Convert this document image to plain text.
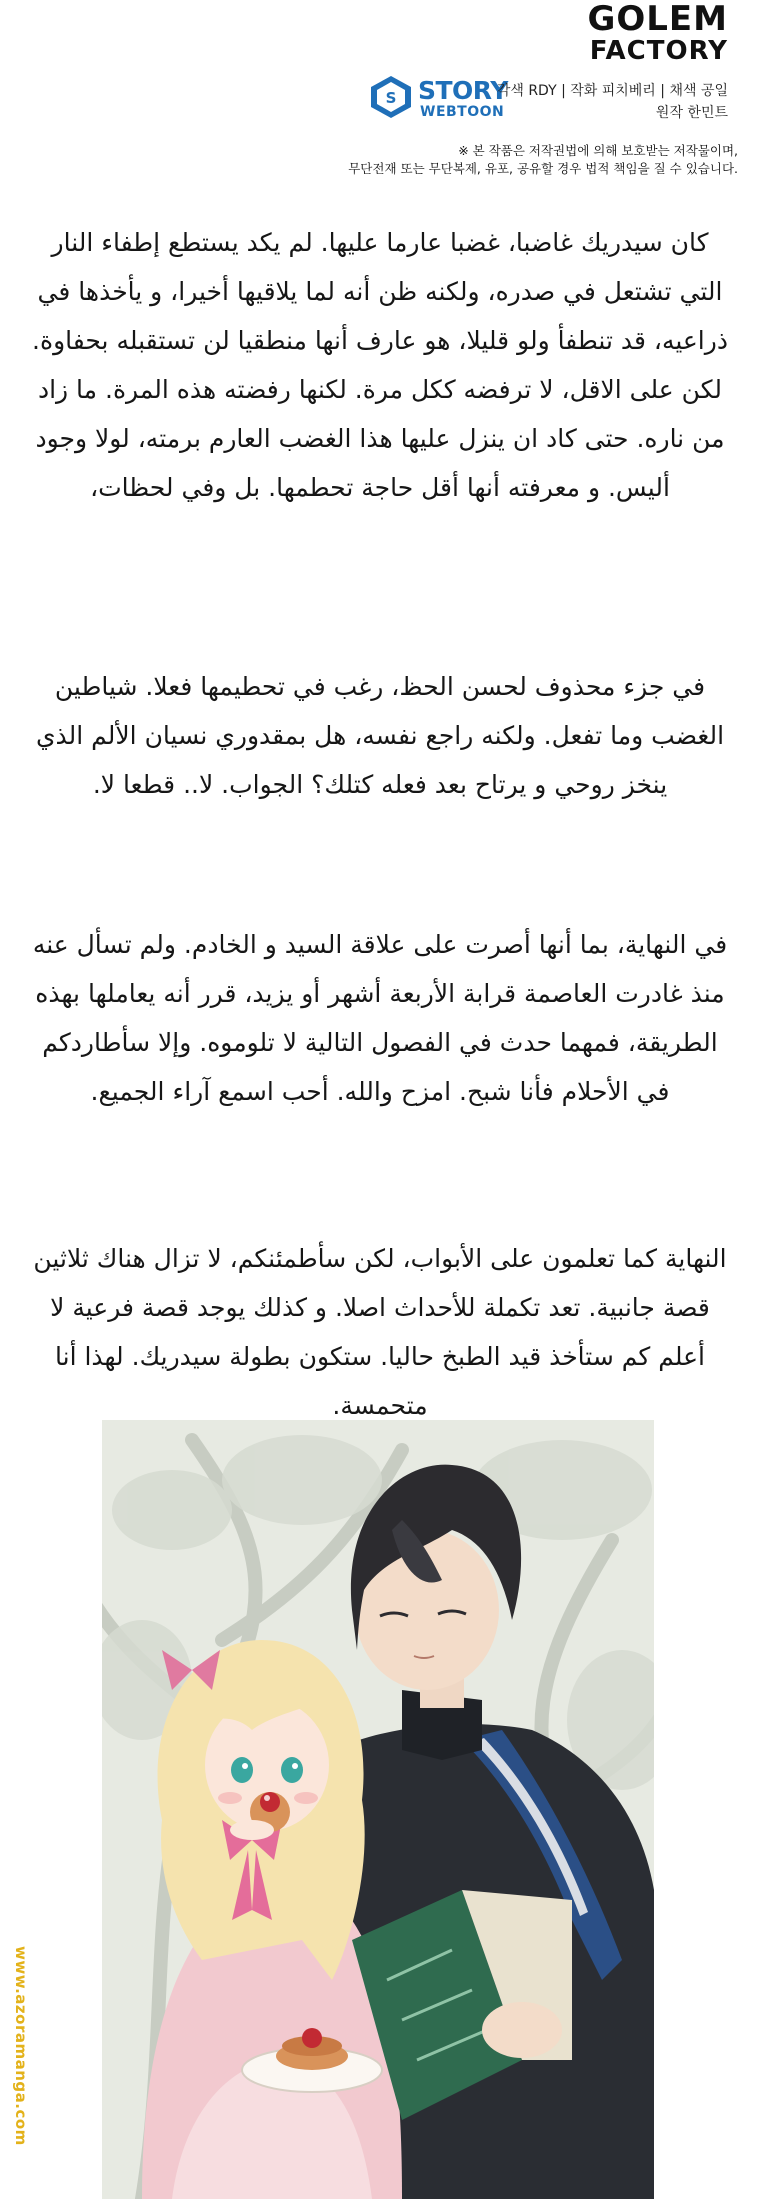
GOLEM
FACTORY
S STORY
WEBTOON
각색 RDY | 작화 피치베리 | 채색 공일
원작 한민트
※ 본 작품은 저작권법에 의해 보호받는 저작물이며,
무단전재 또는 무단복제, 유포, 공유할 경우 법적 책임을 질 수 있습니다.

كان سيدريك غاضبا، غضبا عارما عليها. لم يكد يستطع إطفاء النار التي تشتعل في صدره، ولكنه ظن أنه لما يلاقيها أخيرا، و يأخذها في ذراعيه، قد تنطفأ ولو قليلا، هو عارف أنها منطقيا لن تستقبله بحفاوة. لكن على الاقل، لا ترفضه ككل مرة. لكنها رفضته هذه المرة. ما زاد من ناره. حتى كاد ان ينزل عليها هذا الغضب العارم برمته، لولا وجود أليس. و معرفته أنها أقل حاجة تحطمها. بل وفي لحظات،

في جزء محذوف لحسن الحظ، رغب في تحطيمها فعلا. شياطين الغضب وما تفعل. ولكنه راجع نفسه، هل بمقدوري نسيان الألم الذي ينخز روحي و يرتاح بعد فعله كتلك؟ الجواب. لا.. قطعا لا.

في النهاية، بما أنها أصرت على علاقة السيد و الخادم. ولم تسأل عنه منذ غادرت العاصمة قرابة الأربعة أشهر أو يزيد، قرر أنه يعاملها بهذه الطريقة، فمهما حدث في الفصول التالية لا تلوموه. وإلا سأطاردكم في الأحلام فأنا شبح. امزح والله. أحب اسمع آراء الجميع.

النهاية كما تعلمون على الأبواب، لكن سأطمئنكم، لا تزال هناك ثلاثين قصة جانبية. تعد تكملة للأحداث اصلا. و كذلك يوجد قصة فرعية لا أعلم كم ستأخذ قيد الطبخ حاليا. ستكون بطولة سيدريك. لهذا أنا متحمسة.

www.azoramanga.com
